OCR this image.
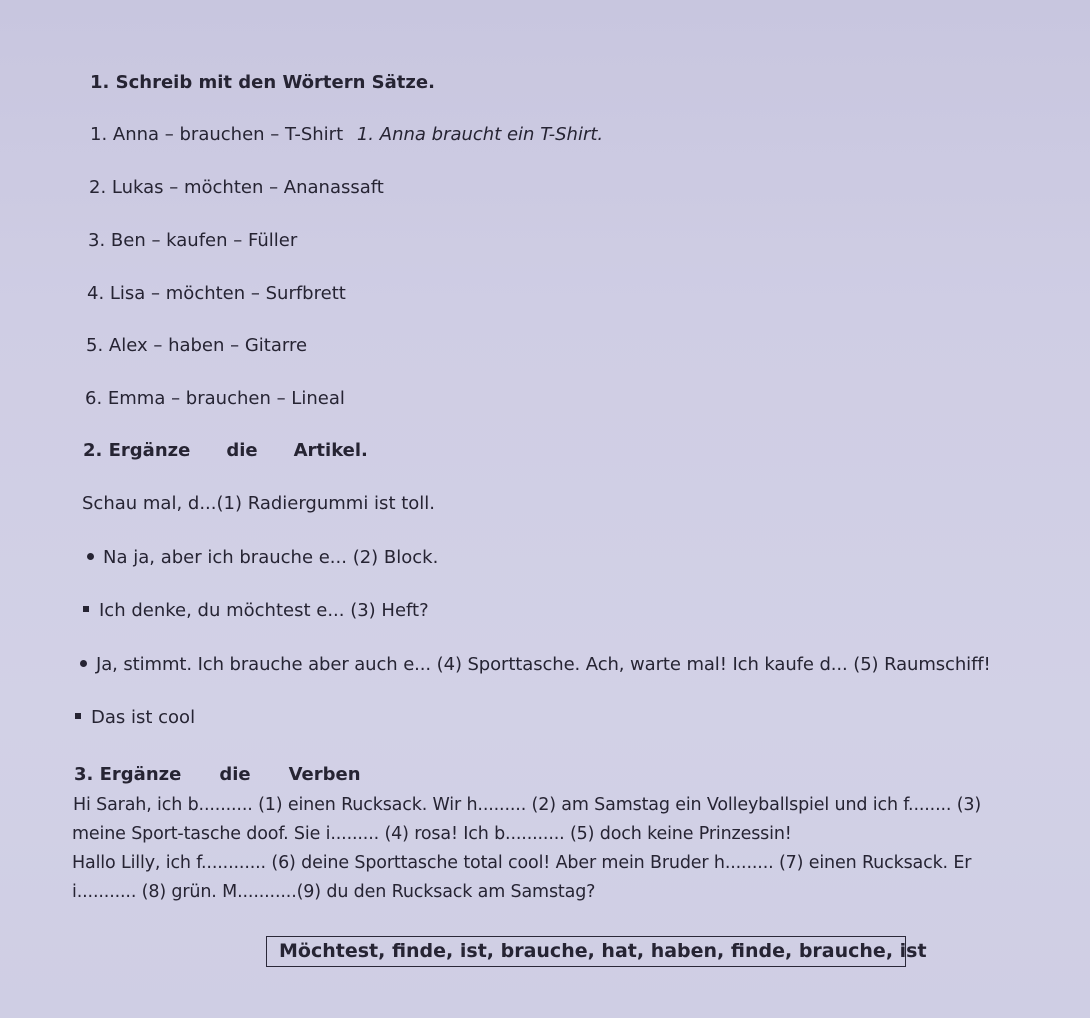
1. Schreib mit den Wörtern Sätze.
1. Anna – brauchen – T-Shirt 1. Anna braucht ein T-Shirt.
2. Lukas – möchten – Ananassaft
3. Ben – kaufen – Füller
4. Lisa – möchten – Surfbrett
5. Alex – haben – Gitarre
6. Emma – brauchen – Lineal
2. Ergänze die Artikel.
Schau mal, d...(1) Radiergummi ist toll.
Na ja, aber ich brauche e... (2) Block.
Ich denke, du möchtest e... (3) Heft?
Ja, stimmt. Ich brauche aber auch e... (4) Sporttasche. Ach, warte mal! Ich kaufe d... (5) Raumschiff!
Das ist cool
3. Ergänze die Verben
Hi Sarah, ich b.......... (1) einen Rucksack. Wir h......... (2) am Samstag ein Volleyballspiel und ich f........ (3)
meine Sport-tasche doof. Sie i......... (4) rosa! Ich b........... (5) doch keine Prinzessin!
Hallo Lilly, ich f............ (6) deine Sporttasche total cool! Aber mein Bruder h......... (7) einen Rucksack. Er
i........... (8) grün. M...........(9) du den Rucksack am Samstag?
Möchtest, finde, ist, brauche, hat, haben, finde, brauche, ist
